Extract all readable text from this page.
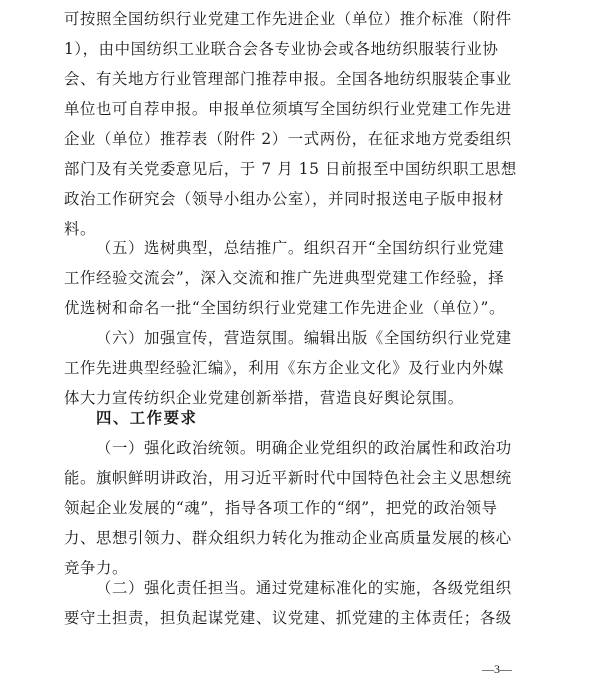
可按照全国纺织行业党建工作先进企业（单位）推介标准（附件
1），由中国纺织工业联合会各专业协会或各地纺织服装行业协
会、有关地方行业管理部门推荐申报。全国各地纺织服装企事业
单位也可自荐申报。申报单位须填写全国纺织行业党建工作先进
企业（单位）推荐表（附件 2）一式两份，在征求地方党委组织
部门及有关党委意见后，于 7 月 15 日前报至中国纺织职工思想
政治工作研究会（领导小组办公室），并同时报送电子版申报材
料。
（五）选树典型，总结推广。组织召开“全国纺织行业党建
工作经验交流会”，深入交流和推广先进典型党建工作经验，择
优选树和命名一批“全国纺织行业党建工作先进企业（单位）”。
（六）加强宣传，营造氛围。编辑出版《全国纺织行业党建
工作先进典型经验汇编》，利用《东方企业文化》及行业内外媒
体大力宣传纺织企业党建创新举措，营造良好舆论氛围。
四、工作要求
（一）强化政治统领。明确企业党组织的政治属性和政治功
能。旗帜鲜明讲政治，用习近平新时代中国特色社会主义思想统
领起企业发展的“魂”，指导各项工作的“纲”，把党的政治领导
力、思想引领力、群众组织力转化为推动企业高质量发展的核心
竞争力。
（二）强化责任担当。通过党建标准化的实施，各级党组织
要守土担责，担负起谋党建、议党建、抓党建的主体责任；各级
—3—
